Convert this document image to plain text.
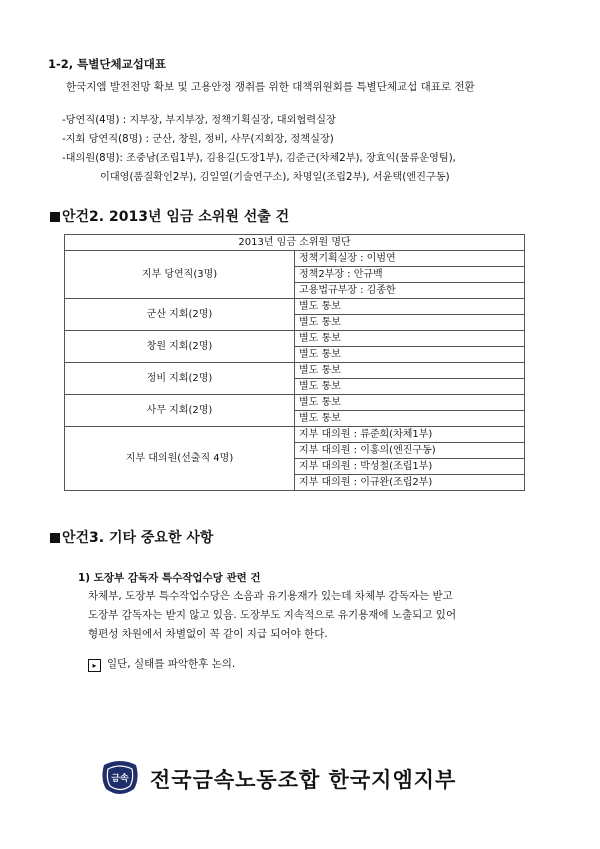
1-2, 특별단체교섭대표
한국지엠 발전전망 확보 및 고용안정 쟁취를 위한 대책위원회를 특별단체교섭 대표로 전환
-당연직(4명) : 지부장, 부지부장, 정책기획실장, 대외협력실장
-지회 당연직(8명) : 군산, 창원, 정비, 사무(지회장, 정책실장)
-대의원(8명): 조중남(조립1부), 김용길(도장1부), 김준근(차체2부), 장효익(물류운영팀),
이대영(품질확인2부), 김일열(기술연구소), 차명일(조립2부), 서윤택(엔진구동)
안건2. 2013년 임금 소위원 선출 건
2013년 임금 소위원 명단	
지부 당연직(3명)	정책기획실장 : 이범연
	정책2부장 : 안규백
	고용법규부장 : 김종한
군산 지회(2명)	별도 통보
	별도 통보
창원 지회(2명)	별도 통보
	별도 통보
정비 지회(2명)	별도 통보
	별도 통보
사무 지회(2명)	별도 통보
	별도 통보
지부 대의원(선출직 4명)	지부 대의원 : 류준희(차체1부)
	지부 대의원 : 이홍의(엔진구동)
	지부 대의원 : 박성철(조립1부)
	지부 대의원 : 이규완(조립2부)
안건3. 기타 중요한 사항
1) 도장부 감독자 특수작업수당 관련 건
차체부, 도장부 특수작업수당은 소음과 유기용재가 있는데 차체부 감독자는 받고
도장부 감독자는 받지 않고 있음. 도장부도 지속적으로 유기용재에 노출되고 있어
형편성 차원에서 차별없이 꼭 같이 지급 되어야 한다.
▸ 일단, 실태를 파악한후 논의.
금속 전국금속노동조합 한국지엠지부
